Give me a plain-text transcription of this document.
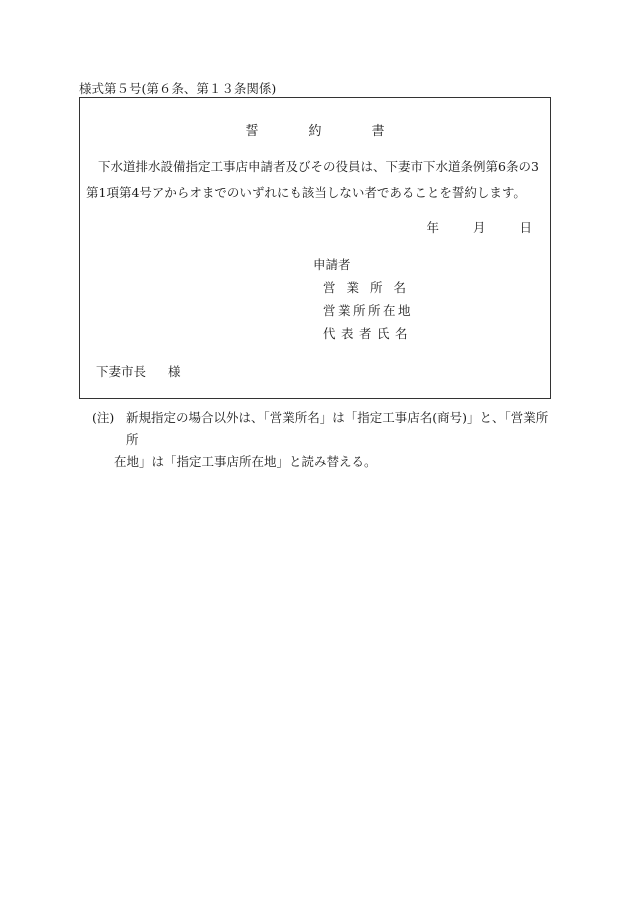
様式第５号(第６条、第１３条関係)
誓約書

下水道排水設備指定工事店申請者及びその役員は、下妻市下水道条例第6条の3第1項第4号アからオまでのいずれにも該当しない者であることを誓約します。

年	月	日
申請者
営業所名
営業所所在地
代表者氏名
下妻市長 様
(注) 新規指定の場合以外は、「営業所名」は「指定工事店名(商号)」と、「営業所所
在地」は「指定工事店所在地」と読み替える。
